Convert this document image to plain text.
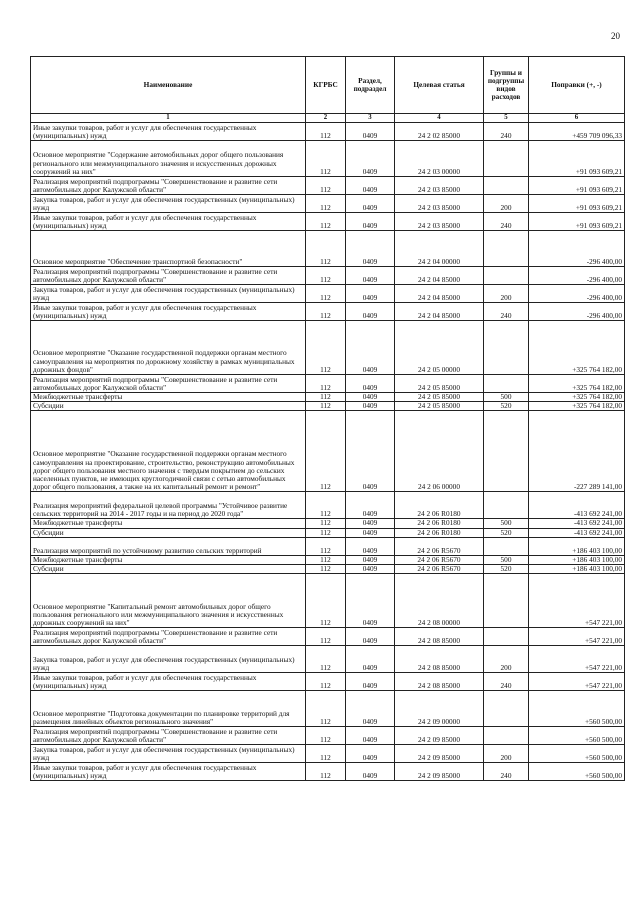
20
Наименование	КГРБС	Раздел, подраздел	Целевая статья	Группы и подгруппы видов расходов	Поправки (+, -)
1	2	3	4	5	6
Иные закупки товаров, работ и услуг для обеспечения государственных (муниципальных) нужд	112	0409	24 2 02 85000	240	+459 709 096,33
Основное мероприятие "Содержание автомобильных дорог общего пользования регионального или межмуниципального значения и искусственных дорожных сооружений на них"	112	0409	24 2 03 00000		+91 093 609,21
Реализация мероприятий подпрограммы "Совершенствование и развитие сети автомобильных дорог Калужской области"	112	0409	24 2 03 85000		+91 093 609,21
Закупка товаров, работ и услуг для обеспечения государственных (муниципальных) нужд	112	0409	24 2 03 85000	200	+91 093 609,21
Иные закупки товаров, работ и услуг для обеспечения государственных (муниципальных) нужд	112	0409	24 2 03 85000	240	+91 093 609,21
Основное мероприятие "Обеспечение транспортной безопасности"	112	0409	24 2 04 00000		-296 400,00
Реализация мероприятий подпрограммы "Совершенствование и развитие сети автомобильных дорог Калужской области"	112	0409	24 2 04 85000		-296 400,00
Закупка товаров, работ и услуг для обеспечения государственных (муниципальных) нужд	112	0409	24 2 04 85000	200	-296 400,00
Иные закупки товаров, работ и услуг для обеспечения государственных (муниципальных) нужд	112	0409	24 2 04 85000	240	-296 400,00
Основное мероприятие "Оказание государственной поддержки органам местного самоуправления на мероприятия по дорожному хозяйству в рамках муниципальных дорожных фондов"	112	0409	24 2 05 00000		+325 764 182,00
Реализация мероприятий подпрограммы "Совершенствование и развитие сети автомобильных дорог Калужской области"	112	0409	24 2 05 85000		+325 764 182,00
Межбюджетные трансферты	112	0409	24 2 05 85000	500	+325 764 182,00
Субсидии	112	0409	24 2 05 85000	520	+325 764 182,00
Основное мероприятие "Оказание государственной поддержки органам местного самоуправления на проектирование, строительство, реконструкцию автомобильных дорог общего пользования местного значения с твердым покрытием до сельских населенных пунктов, не имеющих круглогодичной связи с сетью автомобильных дорог общего пользования, а также на их капитальный ремонт и ремонт"	112	0409	24 2 06 00000		-227 289 141,00
Реализация мероприятий федеральной целевой программы "Устойчивое развитие сельских территорий на 2014 - 2017 годы и на период до 2020 года"	112	0409	24 2 06 R0180		-413 692 241,00
Межбюджетные трансферты	112	0409	24 2 06 R0180	500	-413 692 241,00
Субсидии	112	0409	24 2 06 R0180	520	-413 692 241,00
Реализация мероприятий по устойчивому развитию сельских территорий	112	0409	24 2 06 R5670		+186 403 100,00
Межбюджетные трансферты	112	0409	24 2 06 R5670	500	+186 403 100,00
Субсидии	112	0409	24 2 06 R5670	520	+186 403 100,00
Основное мероприятие "Капитальный ремонт автомобильных дорог общего пользования регионального или межмуниципального значения и искусственных дорожных сооружений на них"	112	0409	24 2 08 00000		+547 221,00
Реализация мероприятий подпрограммы "Совершенствование и развитие сети автомобильных дорог Калужской области"	112	0409	24 2 08 85000		+547 221,00
Закупка товаров, работ и услуг для обеспечения государственных (муниципальных) нужд	112	0409	24 2 08 85000	200	+547 221,00
Иные закупки товаров, работ и услуг для обеспечения государственных (муниципальных) нужд	112	0409	24 2 08 85000	240	+547 221,00
Основное мероприятие "Подготовка документации по планировке территорий для размещения линейных объектов регионального значения"	112	0409	24 2 09 00000		+560 500,00
Реализация мероприятий подпрограммы "Совершенствование и развитие сети автомобильных дорог Калужской области"	112	0409	24 2 09 85000		+560 500,00
Закупка товаров, работ и услуг для обеспечения государственных (муниципальных) нужд	112	0409	24 2 09 85000	200	+560 500,00
Иные закупки товаров, работ и услуг для обеспечения государственных (муниципальных) нужд	112	0409	24 2 09 85000	240	+560 500,00
